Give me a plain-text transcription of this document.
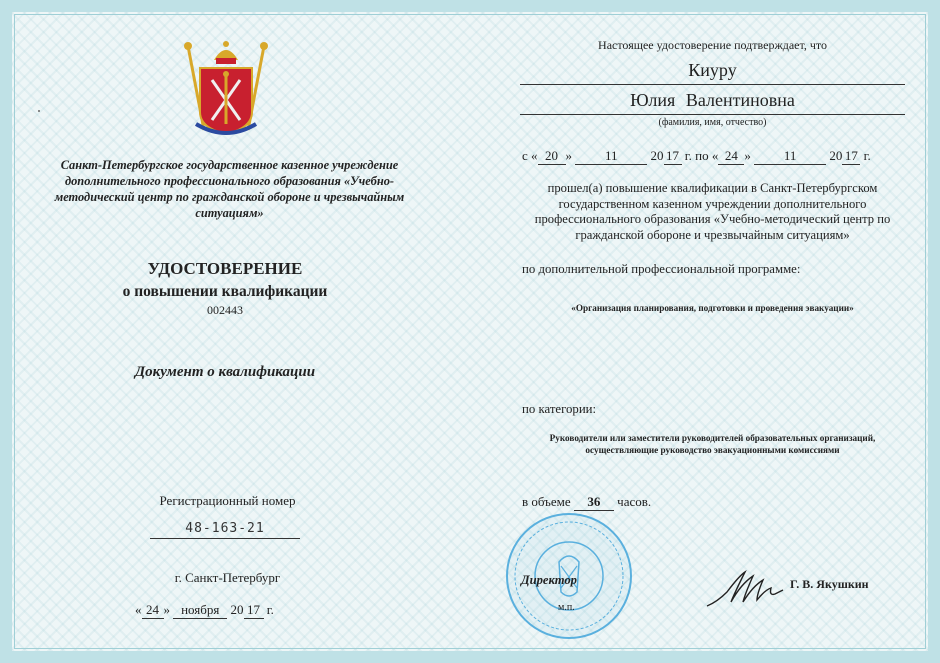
Санкт-Петербургское государственное казенное учреждение дополнительного профессионального образования «Учебно-методический центр по гражданской обороне и чрезвычайным ситуациям»
УДОСТОВЕРЕНИЕ
о повышении квалификации
002443
Документ о квалификации
Регистрационный номер
48-163-21
г. Санкт-Петербург
« 24 » ноября 20 17 г.
Настоящее удостоверение подтверждает, что
Киуру
Юлия Валентиновна
(фамилия, имя, отчество)
с « 20 »	11	20 17 г. по « 24 »	11	20 17 г.
прошел(а) повышение квалификации в Санкт-Петербургском государственном казенном учреждении дополнительного профессионального образования «Учебно-методический центр по гражданской обороне и чрезвычайным ситуациям»
по дополнительной профессиональной программе:
«Организация планирования, подготовки и проведения эвакуации»
по категории:
Руководители или заместители руководителей образовательных организаций, осуществляющие руководство эвакуационными комиссиями
в объеме 36 часов.
Директор
м.п.
Г. В. Якушкин
